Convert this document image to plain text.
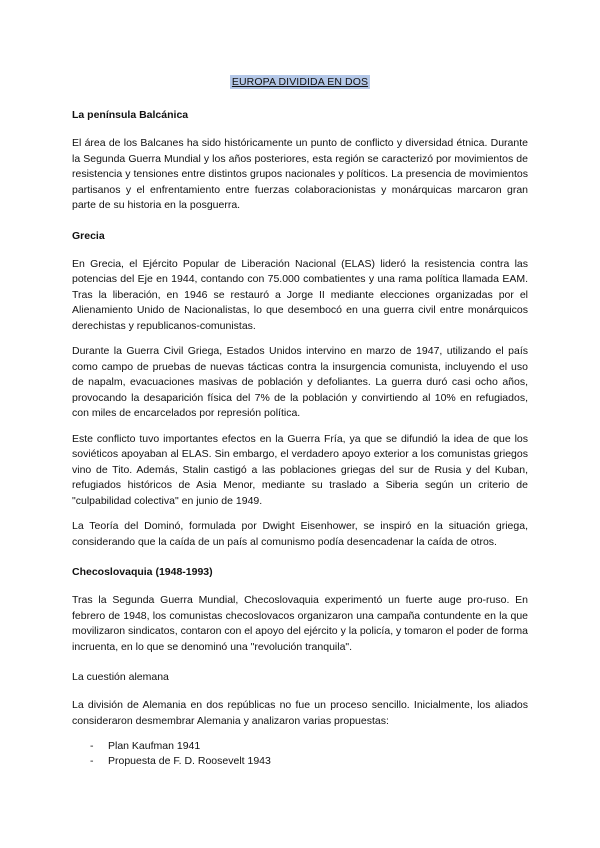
EUROPA DIVIDIDA EN DOS
La península Balcánica

El área de los Balcanes ha sido históricamente un punto de conflicto y diversidad étnica. Durante la Segunda Guerra Mundial y los años posteriores, esta región se caracterizó por movimientos de resistencia y tensiones entre distintos grupos nacionales y políticos. La presencia de movimientos partisanos y el enfrentamiento entre fuerzas colaboracionistas y monárquicas marcaron gran parte de su historia en la posguerra.

Grecia

En Grecia, el Ejército Popular de Liberación Nacional (ELAS) lideró la resistencia contra las potencias del Eje en 1944, contando con 75.000 combatientes y una rama política llamada EAM. Tras la liberación, en 1946 se restauró a Jorge II mediante elecciones organizadas por el Alienamiento Unido de Nacionalistas, lo que desembocó en una guerra civil entre monárquicos derechistas y republicanos-comunistas.

Durante la Guerra Civil Griega, Estados Unidos intervino en marzo de 1947, utilizando el país como campo de pruebas de nuevas tácticas contra la insurgencia comunista, incluyendo el uso de napalm, evacuaciones masivas de población y defoliantes. La guerra duró casi ocho años, provocando la desaparición física del 7% de la población y convirtiendo al 10% en refugiados, con miles de encarcelados por represión política.

Este conflicto tuvo importantes efectos en la Guerra Fría, ya que se difundió la idea de que los soviéticos apoyaban al ELAS. Sin embargo, el verdadero apoyo exterior a los comunistas griegos vino de Tito. Además, Stalin castigó a las poblaciones griegas del sur de Rusia y del Kuban, refugiados históricos de Asia Menor, mediante su traslado a Siberia según un criterio de "culpabilidad colectiva" en junio de 1949.

La Teoría del Dominó, formulada por Dwight Eisenhower, se inspiró en la situación griega, considerando que la caída de un país al comunismo podía desencadenar la caída de otros.

Checoslovaquia (1948-1993)

Tras la Segunda Guerra Mundial, Checoslovaquia experimentó un fuerte auge pro-ruso. En febrero de 1948, los comunistas checoslovacos organizaron una campaña contundente en la que movilizaron sindicatos, contaron con el apoyo del ejército y la policía, y tomaron el poder de forma incruenta, en lo que se denominó una "revolución tranquila".

La cuestión alemana

La división de Alemania en dos repúblicas no fue un proceso sencillo. Inicialmente, los aliados consideraron desmembrar Alemania y analizaron varias propuestas:

- Plan Kaufman 1941
- Propuesta de F. D. Roosevelt 1943
